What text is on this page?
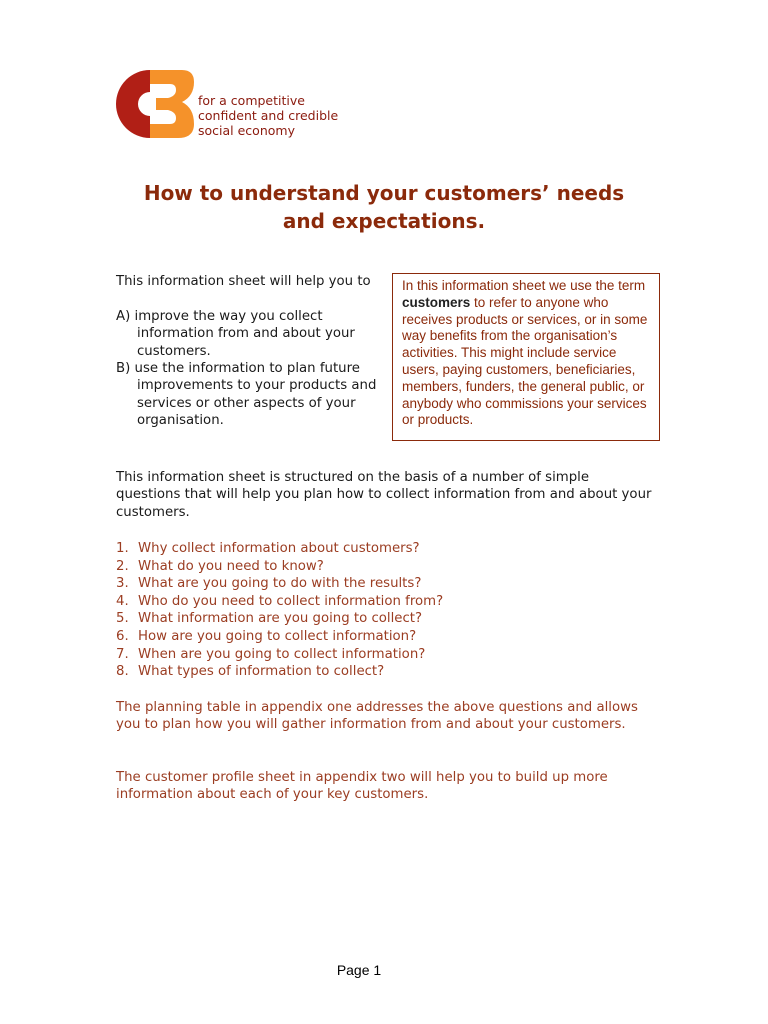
for a competitive
confident and credible
social economy
How to understand your customers’ needs
and expectations.

This information sheet will help you to

A) improve the way you collect information from and about your customers.
B) use the information to plan future improvements to your products and services or other aspects of your organisation.
In this information sheet we use the term customers to refer to anyone who receives products or services, or in some way benefits from the organisation’s activities. This might include service users, paying customers, beneficiaries, members, funders, the general public, or anybody who commissions your services or products.

This information sheet is structured on the basis of a number of simple questions that will help you plan how to collect information from and about your customers.

1. Why collect information about customers?
2. What do you need to know?
3. What are you going to do with the results?
4. Who do you need to collect information from?
5. What information are you going to collect?
6. How are you going to collect information?
7. When are you going to collect information?
8. What types of information to collect?

The planning table in appendix one addresses the above questions and allows you to plan how you will gather information from and about your customers.

The customer profile sheet in appendix two will help you to build up more information about each of your key customers.

Page 1
